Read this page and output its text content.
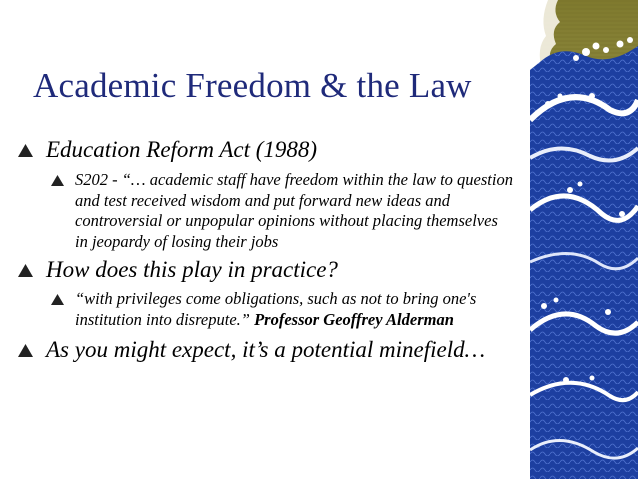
Academic Freedom & the Law
Education Reform Act (1988)
S202 - “… academic staff have freedom within the law to question and test received wisdom and put forward new ideas and controversial or unpopular opinions without placing themselves in jeopardy of losing their jobs
How does this play in practice?
“with privileges come obligations, such as not to bring one's institution into disrepute.” Professor Geoffrey Alderman
As you might expect, it’s a potential minefield…
